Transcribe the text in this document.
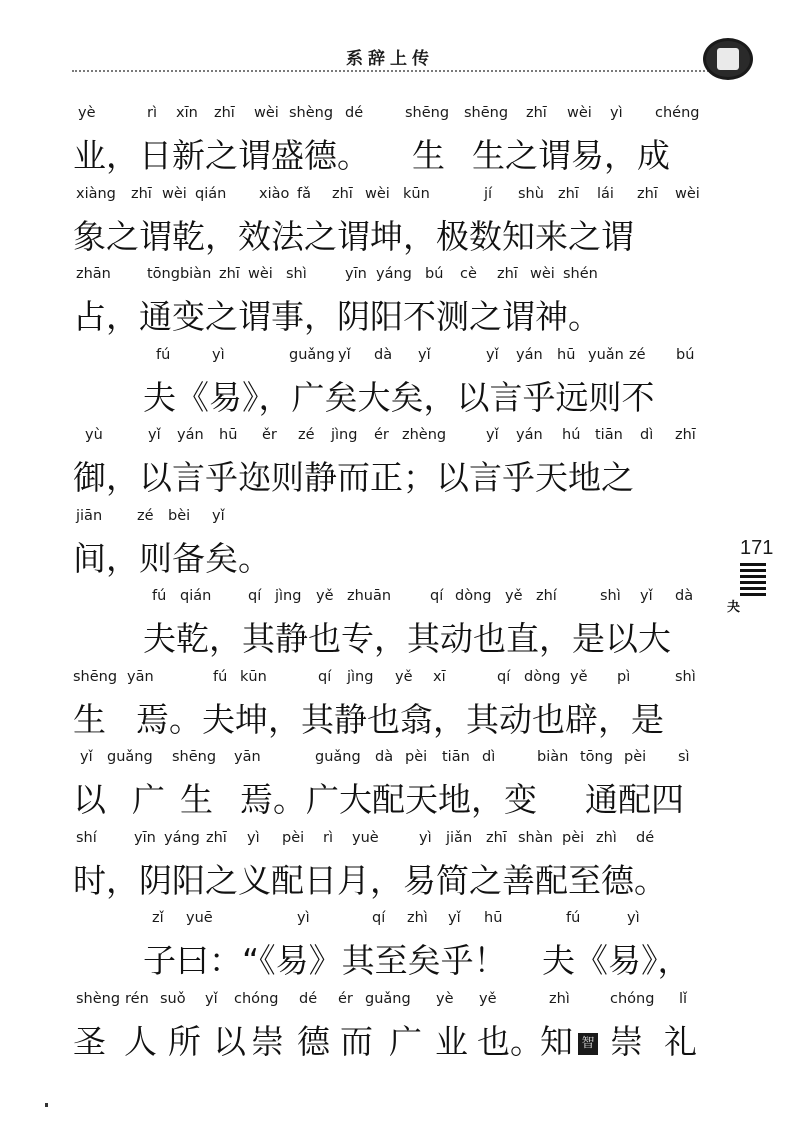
系辞上传
yè	rì xīn zhī wèi shèng dé	shēng shēng zhī wèi yì chéng
业，日新之谓盛德。 生 生之谓易，成
xiàng zhī wèi qián xiào fǎ zhī wèi kūn	jí shù zhī lái zhī wèi
象之谓乾，效法之谓坤，极数知来之谓
zhān tōngbiàn zhī wèi shì	yīn yáng bú cè zhī wèi shén
占，通变之谓事，阴阳不测之谓神。
fú	yì	guǎng yǐ dà yǐ	yǐ yán hū yuǎn zé bú
夫《易》，广矣大矣，以言乎远则不
yù	yǐ yán hū ěr zé jìng ér zhèng	yǐ yán hú tiān dì zhī
御，以言乎迩则静而正；以言乎天地之
jiān zé bèi yǐ
间，则备矣。
fú qián	qí jìng yě zhuān	qí dòng yě zhí	shì yǐ dà
夫乾，其静也专，其动也直，是以大
shēng yān	fú kūn	qí jìng yě xī	qí dòng yě pì	shì
生 焉。夫坤，其静也翕，其动也辟，是
yǐ guǎng shēng yān	guǎng dà pèi tiān dì	biàn tōng pèi sì
以 广 生 焉。广大配天地，变 通配四
shí	yīn yáng zhī yì pèi rì yuè	yì jiǎn zhī shàn pèi zhì dé
时，阴阳之义配日月，易简之善配至德。
zǐ yuē	yì	qí zhì yǐ hū	fú	yì
子曰：“《易》其至矣乎！ 夫《易》，
shèng rén suǒ yǐ chóng dé ér guǎng yè yě	zhì	chóng lǐ
圣 人 所 以 崇 德 而 广 业 也。
知 崇 礼
171
夬
智
